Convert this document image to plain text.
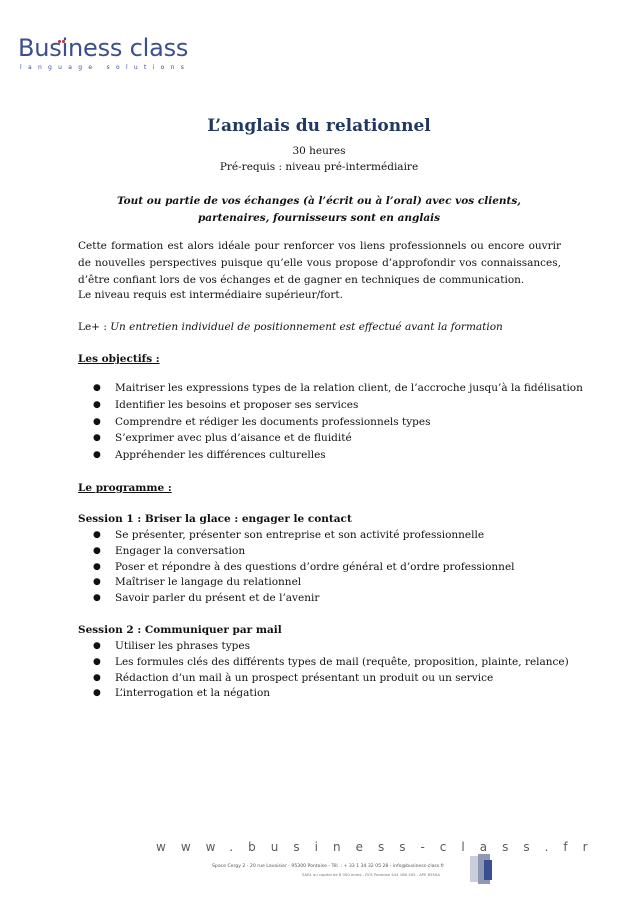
Business class
language solutions
L’anglais du relationnel
30 heures
Pré-requis : niveau pré-intermédiaire
Tout ou partie de vos échanges (à l’écrit ou à l’oral) avec vos clients, partenaires, fournisseurs sont en anglais
Cette formation est alors idéale pour renforcer vos liens professionnels ou encore ouvrir de nouvelles perspectives puisque qu’elle vous propose d’approfondir vos connaissances, d’être confiant lors de vos échanges et de gagner en techniques de communication.
Le niveau requis est intermédiaire supérieur/fort.
Le+ : Un entretien individuel de positionnement est effectué avant la formation
Les objectifs :
● Maitriser les expressions types de la relation client, de l’accroche jusqu’à la fidélisation
● Identifier les besoins et proposer ses services
● Comprendre et rédiger les documents professionnels types
● S’exprimer avec plus d’aisance et de fluidité
● Appréhender les différences culturelles
Le programme :
Session 1 : Briser la glace : engager le contact
● Se présenter, présenter son entreprise et son activité professionnelle
● Engager la conversation
● Poser et répondre à des questions d’ordre général et d’ordre professionnel
● Maîtriser le langage du relationnel
● Savoir parler du présent et de l’avenir
Session 2 : Communiquer par mail
● Utiliser les phrases types
● Les formules clés des différents types de mail (requête, proposition, plainte, relance)
● Rédaction d’un mail à un prospect présentant un produit ou un service
● L’interrogation et la négation
www.business-class.fr
Space Cergy 2 - 20 rue Lavoisier - 95300 Pontoise - Tél. : + 33 1 34 32 05 28 - info@business-class.fr
SARL au capital de 8 000 euros - RCS Pontoise 444 168 163 - APE 8559A
